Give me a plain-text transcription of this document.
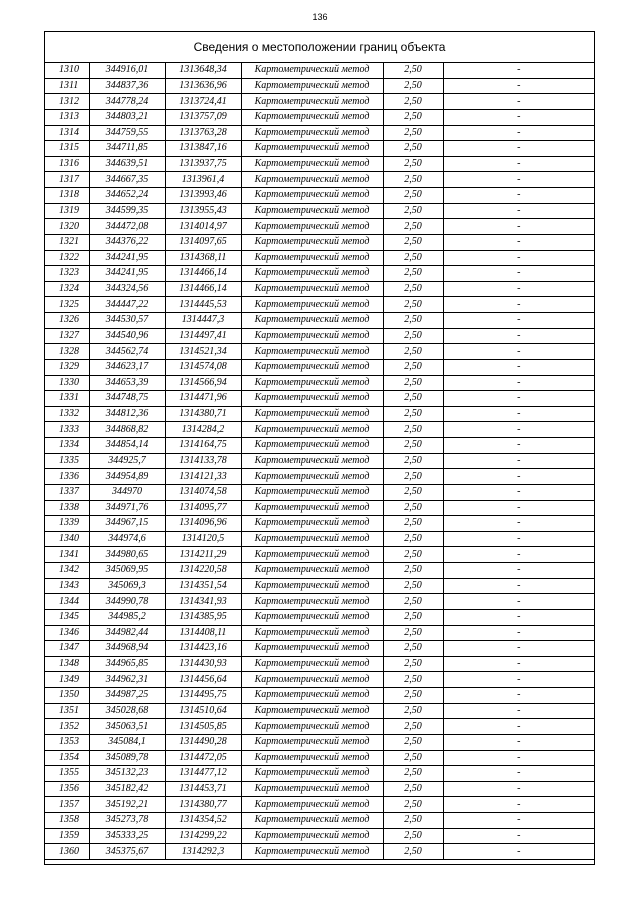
136
Сведения о местоположении границ объекта
1310	344916,01	1313648,34	Картометрический метод	2,50	-
1311	344837,36	1313636,96	Картометрический метод	2,50	-
1312	344778,24	1313724,41	Картометрический метод	2,50	-
1313	344803,21	1313757,09	Картометрический метод	2,50	-
1314	344759,55	1313763,28	Картометрический метод	2,50	-
1315	344711,85	1313847,16	Картометрический метод	2,50	-
1316	344639,51	1313937,75	Картометрический метод	2,50	-
1317	344667,35	1313961,4	Картометрический метод	2,50	-
1318	344652,24	1313993,46	Картометрический метод	2,50	-
1319	344599,35	1313955,43	Картометрический метод	2,50	-
1320	344472,08	1314014,97	Картометрический метод	2,50	-
1321	344376,22	1314097,65	Картометрический метод	2,50	-
1322	344241,95	1314368,11	Картометрический метод	2,50	-
1323	344241,95	1314466,14	Картометрический метод	2,50	-
1324	344324,56	1314466,14	Картометрический метод	2,50	-
1325	344447,22	1314445,53	Картометрический метод	2,50	-
1326	344530,57	1314447,3	Картометрический метод	2,50	-
1327	344540,96	1314497,41	Картометрический метод	2,50	-
1328	344562,74	1314521,34	Картометрический метод	2,50	-
1329	344623,17	1314574,08	Картометрический метод	2,50	-
1330	344653,39	1314566,94	Картометрический метод	2,50	-
1331	344748,75	1314471,96	Картометрический метод	2,50	-
1332	344812,36	1314380,71	Картометрический метод	2,50	-
1333	344868,82	1314284,2	Картометрический метод	2,50	-
1334	344854,14	1314164,75	Картометрический метод	2,50	-
1335	344925,7	1314133,78	Картометрический метод	2,50	-
1336	344954,89	1314121,33	Картометрический метод	2,50	-
1337	344970	1314074,58	Картометрический метод	2,50	-
1338	344971,76	1314095,77	Картометрический метод	2,50	-
1339	344967,15	1314096,96	Картометрический метод	2,50	-
1340	344974,6	1314120,5	Картометрический метод	2,50	-
1341	344980,65	1314211,29	Картометрический метод	2,50	-
1342	345069,95	1314220,58	Картометрический метод	2,50	-
1343	345069,3	1314351,54	Картометрический метод	2,50	-
1344	344990,78	1314341,93	Картометрический метод	2,50	-
1345	344985,2	1314385,95	Картометрический метод	2,50	-
1346	344982,44	1314408,11	Картометрический метод	2,50	-
1347	344968,94	1314423,16	Картометрический метод	2,50	-
1348	344965,85	1314430,93	Картометрический метод	2,50	-
1349	344962,31	1314456,64	Картометрический метод	2,50	-
1350	344987,25	1314495,75	Картометрический метод	2,50	-
1351	345028,68	1314510,64	Картометрический метод	2,50	-
1352	345063,51	1314505,85	Картометрический метод	2,50	-
1353	345084,1	1314490,28	Картометрический метод	2,50	-
1354	345089,78	1314472,05	Картометрический метод	2,50	-
1355	345132,23	1314477,12	Картометрический метод	2,50	-
1356	345182,42	1314453,71	Картометрический метод	2,50	-
1357	345192,21	1314380,77	Картометрический метод	2,50	-
1358	345273,78	1314354,52	Картометрический метод	2,50	-
1359	345333,25	1314299,22	Картометрический метод	2,50	-
1360	345375,67	1314292,3	Картометрический метод	2,50	-
